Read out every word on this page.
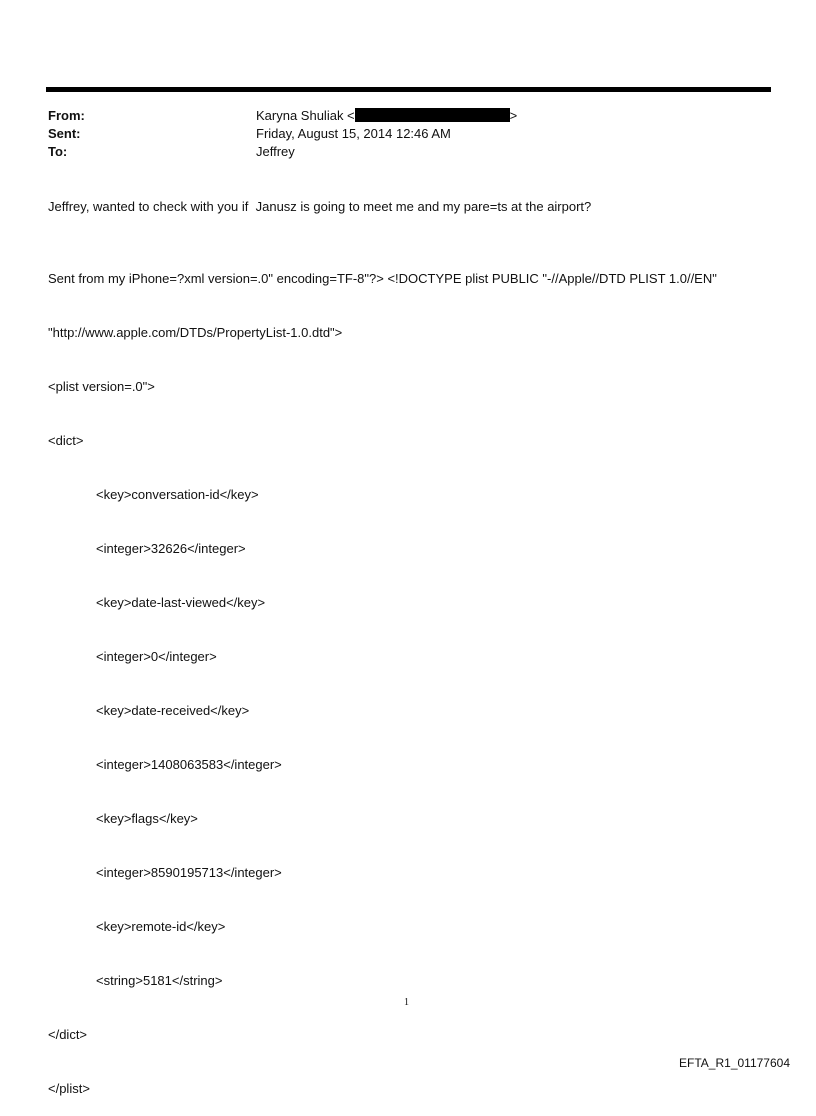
From:	Karyna Shuliak <	>
Sent:	Friday, August 15, 2014 12:46 AM
To:	Jeffrey
Jeffrey, wanted to check with you if  Janusz is going to meet me and my pare=ts at the airport?

Sent from my iPhone=?xml version=.0" encoding=TF-8"?> <!DOCTYPE plist PUBLIC "-//Apple//DTD PLIST 1.0//EN"

"http://www.apple.com/DTDs/PropertyList-1.0.dtd">

<plist version=.0">

<dict>

<key>conversation-id</key>

<integer>32626</integer>

<key>date-last-viewed</key>

<integer>0</integer>

<key>date-received</key>

<integer>1408063583</integer>

<key>flags</key>

<integer>8590195713</integer>

<key>remote-id</key>

<string>5181</string>

</dict>

</plist>

1
EFTA_R1_01177604
